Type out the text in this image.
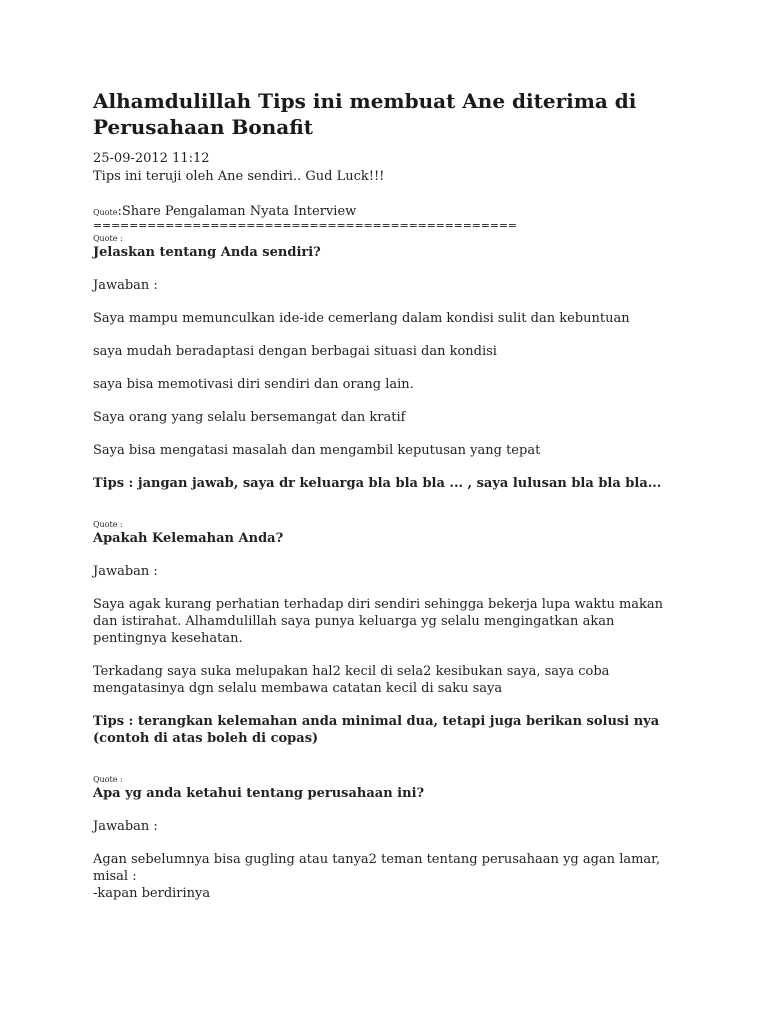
Alhamdulillah Tips ini membuat Ane diterima di
Perusahaan Bonafit
25-09-2012 11:12
Tips ini teruji oleh Ane sendiri.. Gud Luck!!!
Quote:Share Pengalaman Nyata Interview
===============================================
Quote :
Jelaskan tentang Anda sendiri?
Jawaban :
Saya mampu memunculkan ide-ide cemerlang dalam kondisi sulit dan kebuntuan
saya mudah beradaptasi dengan berbagai situasi dan kondisi
saya bisa memotivasi diri sendiri dan orang lain.
Saya orang yang selalu bersemangat dan kratif
Saya bisa mengatasi masalah dan mengambil keputusan yang tepat
Tips : jangan jawab, saya dr keluarga bla bla bla ... , saya lulusan bla bla bla...
Quote :
Apakah Kelemahan Anda?
Jawaban :
Saya agak kurang perhatian terhadap diri sendiri sehingga bekerja lupa waktu makan dan istirahat. Alhamdulillah saya punya keluarga yg selalu mengingatkan akan pentingnya kesehatan.
Terkadang saya suka melupakan hal2 kecil di sela2 kesibukan saya, saya coba mengatasinya dgn selalu membawa catatan kecil di saku saya
Tips : terangkan kelemahan anda minimal dua, tetapi juga berikan solusi nya (contoh di atas boleh di copas)
Quote :
Apa yg anda ketahui tentang perusahaan ini?
Jawaban :
Agan sebelumnya bisa gugling atau tanya2 teman tentang perusahaan yg agan lamar, misal :
-kapan berdirinya
